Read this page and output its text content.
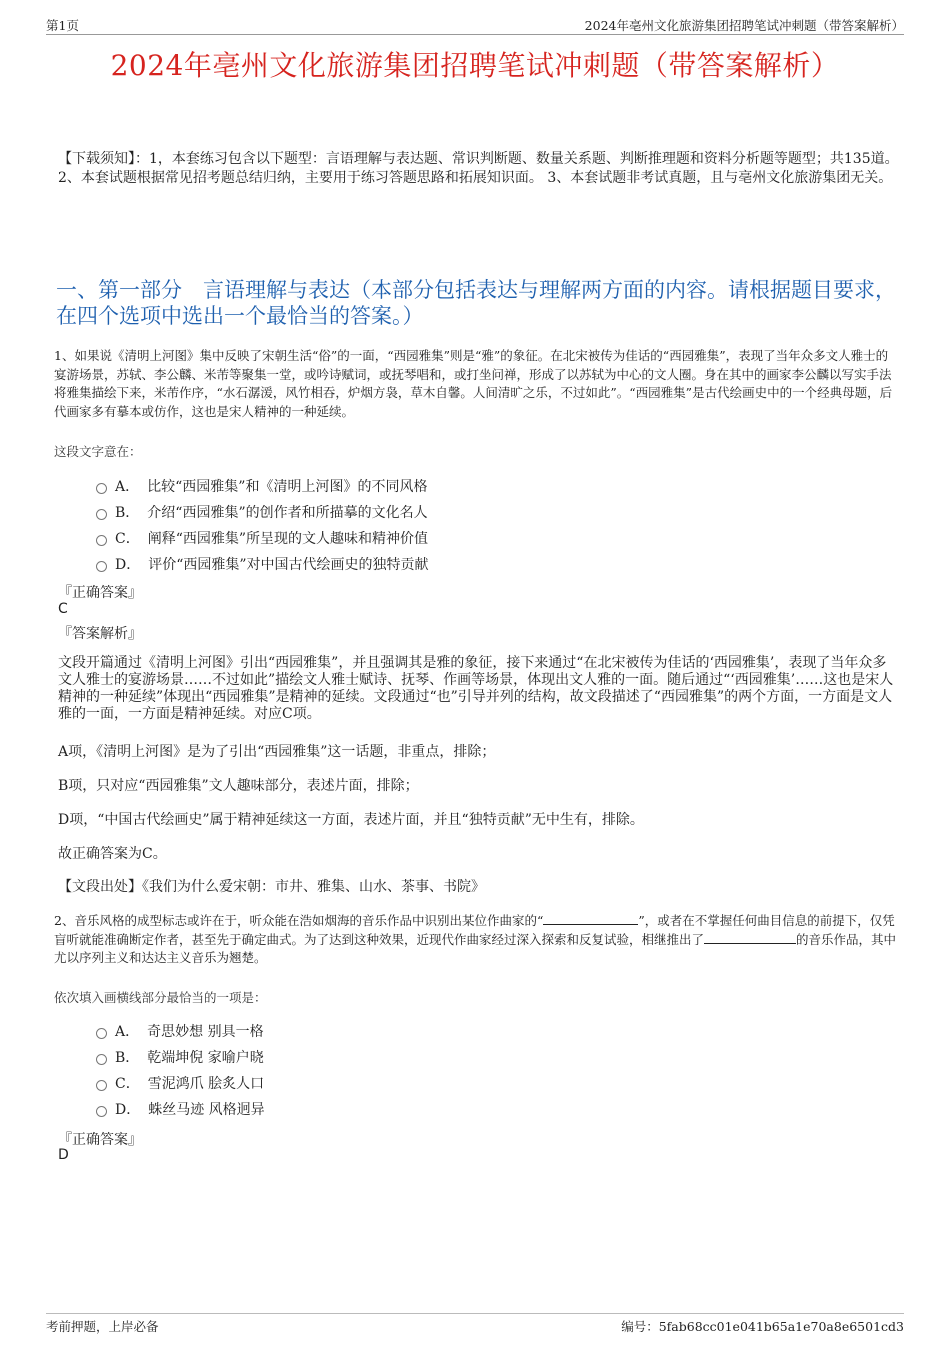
第1页	2024年亳州文化旅游集团招聘笔试冲刺题（带答案解析）
2024年亳州文化旅游集团招聘笔试冲刺题（带答案解析）
【下载须知】：1，本套练习包含以下题型：言语理解与表达题、常识判断题、数量关系题、判断推理题和资料分析题等题型；共135道。 2、本套试题根据常见招考题总结归纳，主要用于练习答题思路和拓展知识面。 3、本套试题非考试真题，且与亳州文化旅游集团无关。
一、第一部分　言语理解与表达（本部分包括表达与理解两方面的内容。请根据题目要求，在四个选项中选出一个最恰当的答案。）
1、如果说《清明上河图》集中反映了宋朝生活“俗”的一面，“西园雅集”则是“雅”的象征。在北宋被传为佳话的“西园雅集”，表现了当年众多文人雅士的宴游场景，苏轼、李公麟、米芾等聚集一堂，或吟诗赋词，或抚琴唱和，或打坐问禅，形成了以苏轼为中心的文人圈。身在其中的画家李公麟以写实手法将雅集描绘下来，米芾作序，“水石潺湲，风竹相吞，炉烟方袅，草木自馨。人间清旷之乐，不过如此”。“西园雅集”是古代绘画史中的一个经典母题，后代画家多有摹本或仿作，这也是宋人精神的一种延续。
这段文字意在：
A． 比较“西园雅集”和《清明上河图》的不同风格
B． 介绍“西园雅集”的创作者和所描摹的文化名人
C． 阐释“西园雅集”所呈现的文人趣味和精神价值
D． 评价“西园雅集”对中国古代绘画史的独特贡献
『正确答案』
C
『答案解析』
文段开篇通过《清明上河图》引出“西园雅集”，并且强调其是雅的象征，接下来通过“在北宋被传为佳话的‘西园雅集’，表现了当年众多文人雅士的宴游场景……不过如此”描绘文人雅士赋诗、抚琴、作画等场景，体现出文人雅的一面。随后通过“‘西园雅集’……这也是宋人精神的一种延续”体现出“西园雅集”是精神的延续。文段通过“也”引导并列的结构，故文段描述了“西园雅集”的两个方面，一方面是文人雅的一面，一方面是精神延续。对应C项。
A项，《清明上河图》是为了引出“西园雅集”这一话题，非重点，排除；
B项，只对应“西园雅集”文人趣味部分，表述片面，排除；
D项，“中国古代绘画史”属于精神延续这一方面，表述片面，并且“独特贡献”无中生有，排除。
故正确答案为C。
【文段出处】《我们为什么爱宋朝：市井、雅集、山水、茶事、书院》
2、音乐风格的成型标志或许在于，听众能在浩如烟海的音乐作品中识别出某位作曲家的“	”，或者在不掌握任何曲目信息的前提下，仅凭盲听就能准确断定作者，甚至先于确定曲式。为了达到这种效果，近现代作曲家经过深入探索和反复试验，相继推出了	的音乐作品，其中尤以序列主义和达达主义音乐为翘楚。
依次填入画横线部分最恰当的一项是：
A． 奇思妙想 别具一格
B． 乾端坤倪 家喻户晓
C． 雪泥鸿爪 脍炙人口
D． 蛛丝马迹 风格迥异
『正确答案』
D
考前押题，上岸必备	编号：5fab68cc01e041b65a1e70a8e6501cd3
